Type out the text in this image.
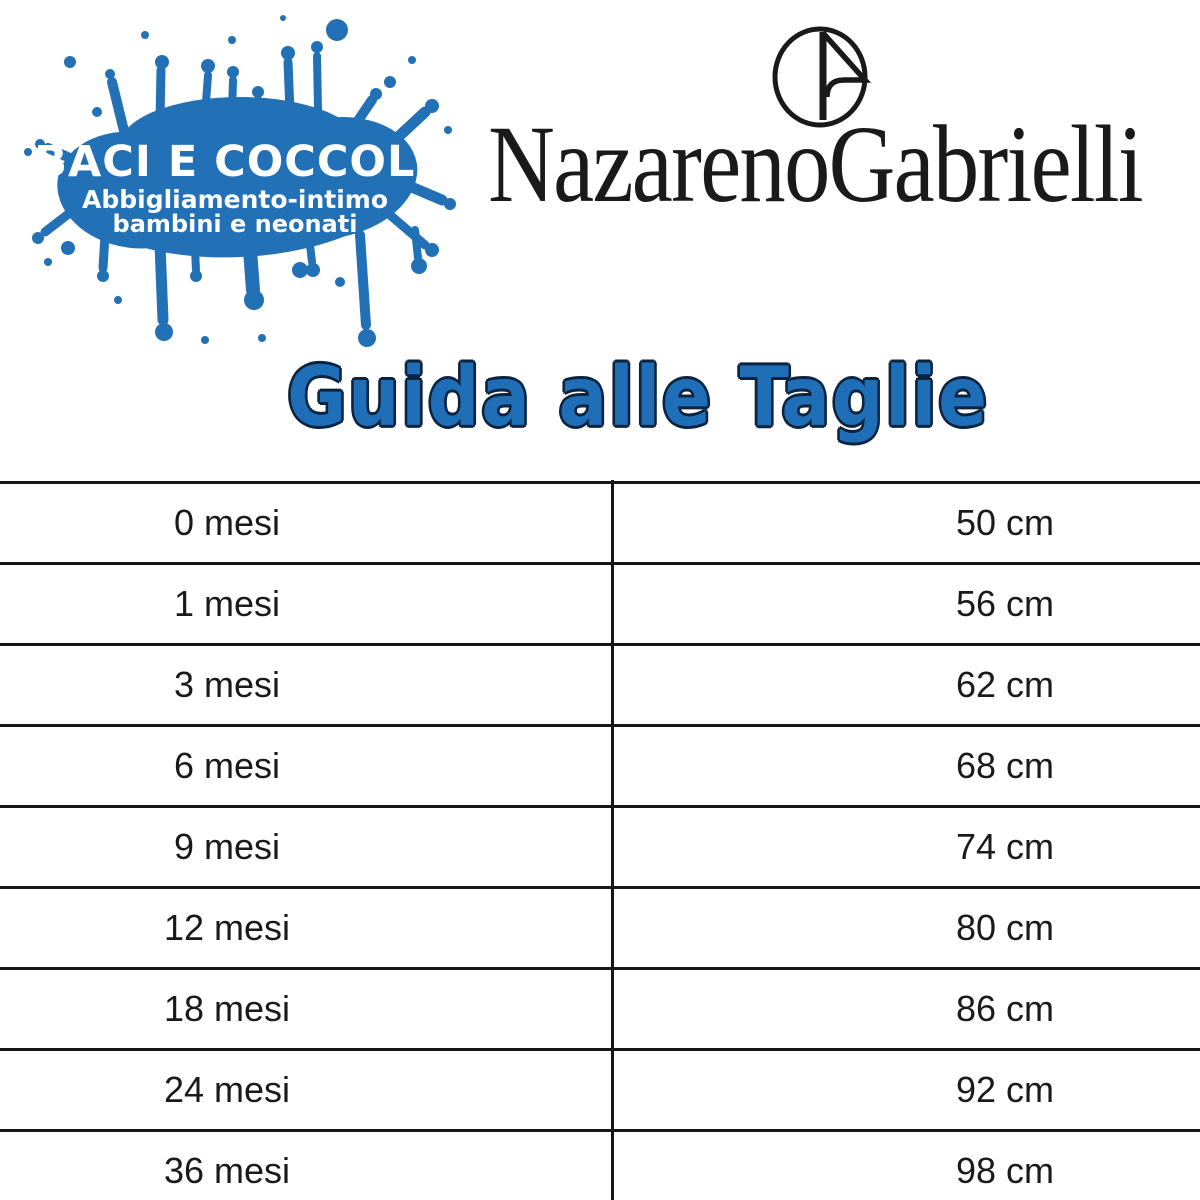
BACI E COCCOLE
Abbigliamento-intimo
bambini e neonati NazarenoGabrielli
Guida alle Taglie
0 mesi	50 cm
1 mesi	56 cm
3 mesi	62 cm
6 mesi	68 cm
9 mesi	74 cm
12 mesi	80 cm
18 mesi	86 cm
24 mesi	92 cm
36 mesi	98 cm
